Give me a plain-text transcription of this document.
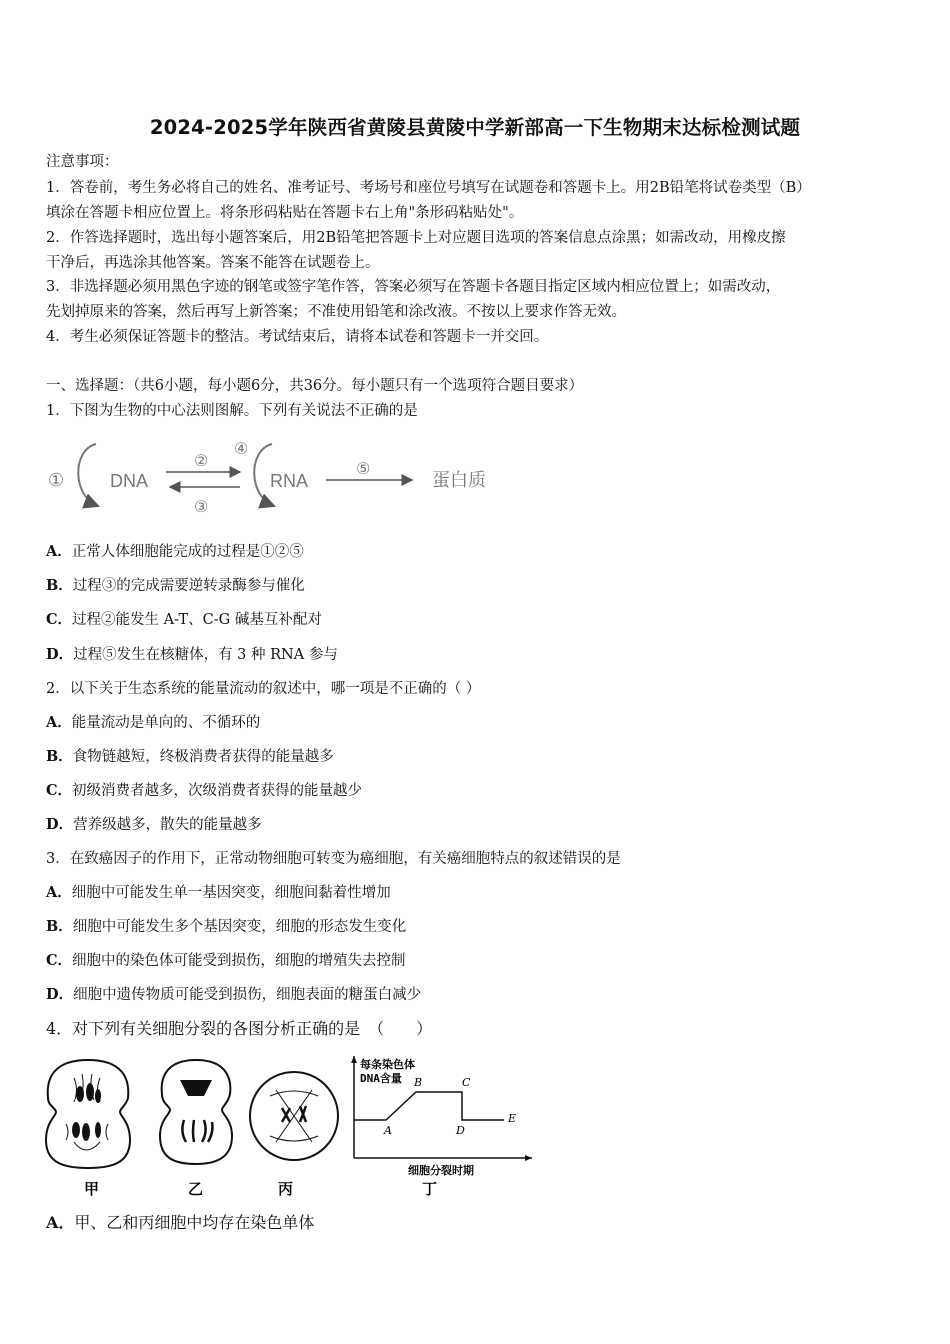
2024-2025学年陕西省黄陵县黄陵中学新部高一下生物期末达标检测试题
注意事项：
1．答卷前，考生务必将自己的姓名、准考证号、考场号和座位号填写在试题卷和答题卡上。用2B铅笔将试卷类型（B）
填涂在答题卡相应位置上。将条形码粘贴在答题卡右上角"条形码粘贴处"。
2．作答选择题时，选出每小题答案后，用2B铅笔把答题卡上对应题目选项的答案信息点涂黑；如需改动，用橡皮擦
干净后，再选涂其他答案。答案不能答在试题卷上。
3．非选择题必须用黑色字迹的钢笔或签字笔作答，答案必须写在答题卡各题目指定区域内相应位置上；如需改动，
先划掉原来的答案，然后再写上新答案；不准使用铅笔和涂改液。不按以上要求作答无效。
4．考生必须保证答题卡的整洁。考试结束后，请将本试卷和答题卡一并交回。
一、选择题：（共6小题，每小题6分，共36分。每小题只有一个选项符合题目要求）
1．下图为生物的中心法则图解。下列有关说法不正确的是
①	DNA
②
③
④
RNA
⑤
蛋白质
A．正常人体细胞能完成的过程是①②⑤
B．过程③的完成需要逆转录酶参与催化
C．过程②能发生 A-T、C-G 碱基互补配对
D．过程⑤发生在核糖体，有 3 种 RNA 参与
2．以下关于生态系统的能量流动的叙述中，哪一项是不正确的（ ）
A．能量流动是单向的、不循环的
B．食物链越短，终极消费者获得的能量越多
C．初级消费者越多，次级消费者获得的能量越少
D．营养级越多，散失的能量越多
3．在致癌因子的作用下，正常动物细胞可转变为癌细胞，有关癌细胞特点的叙述错误的是
A．细胞中可能发生单一基因突变，细胞间黏着性增加
B．细胞中可能发生多个基因突变，细胞的形态发生变化
C．细胞中的染色体可能受到损伤，细胞的增殖失去控制
D．细胞中遗传物质可能受到损伤，细胞表面的糖蛋白减少
4．对下列有关细胞分裂的各图分析正确的是　（　　）
甲	乙	丙
每条染色体
DNA含量
A
B	C
D
E
细胞分裂时期
丁
A．甲、乙和丙细胞中均存在染色单体
